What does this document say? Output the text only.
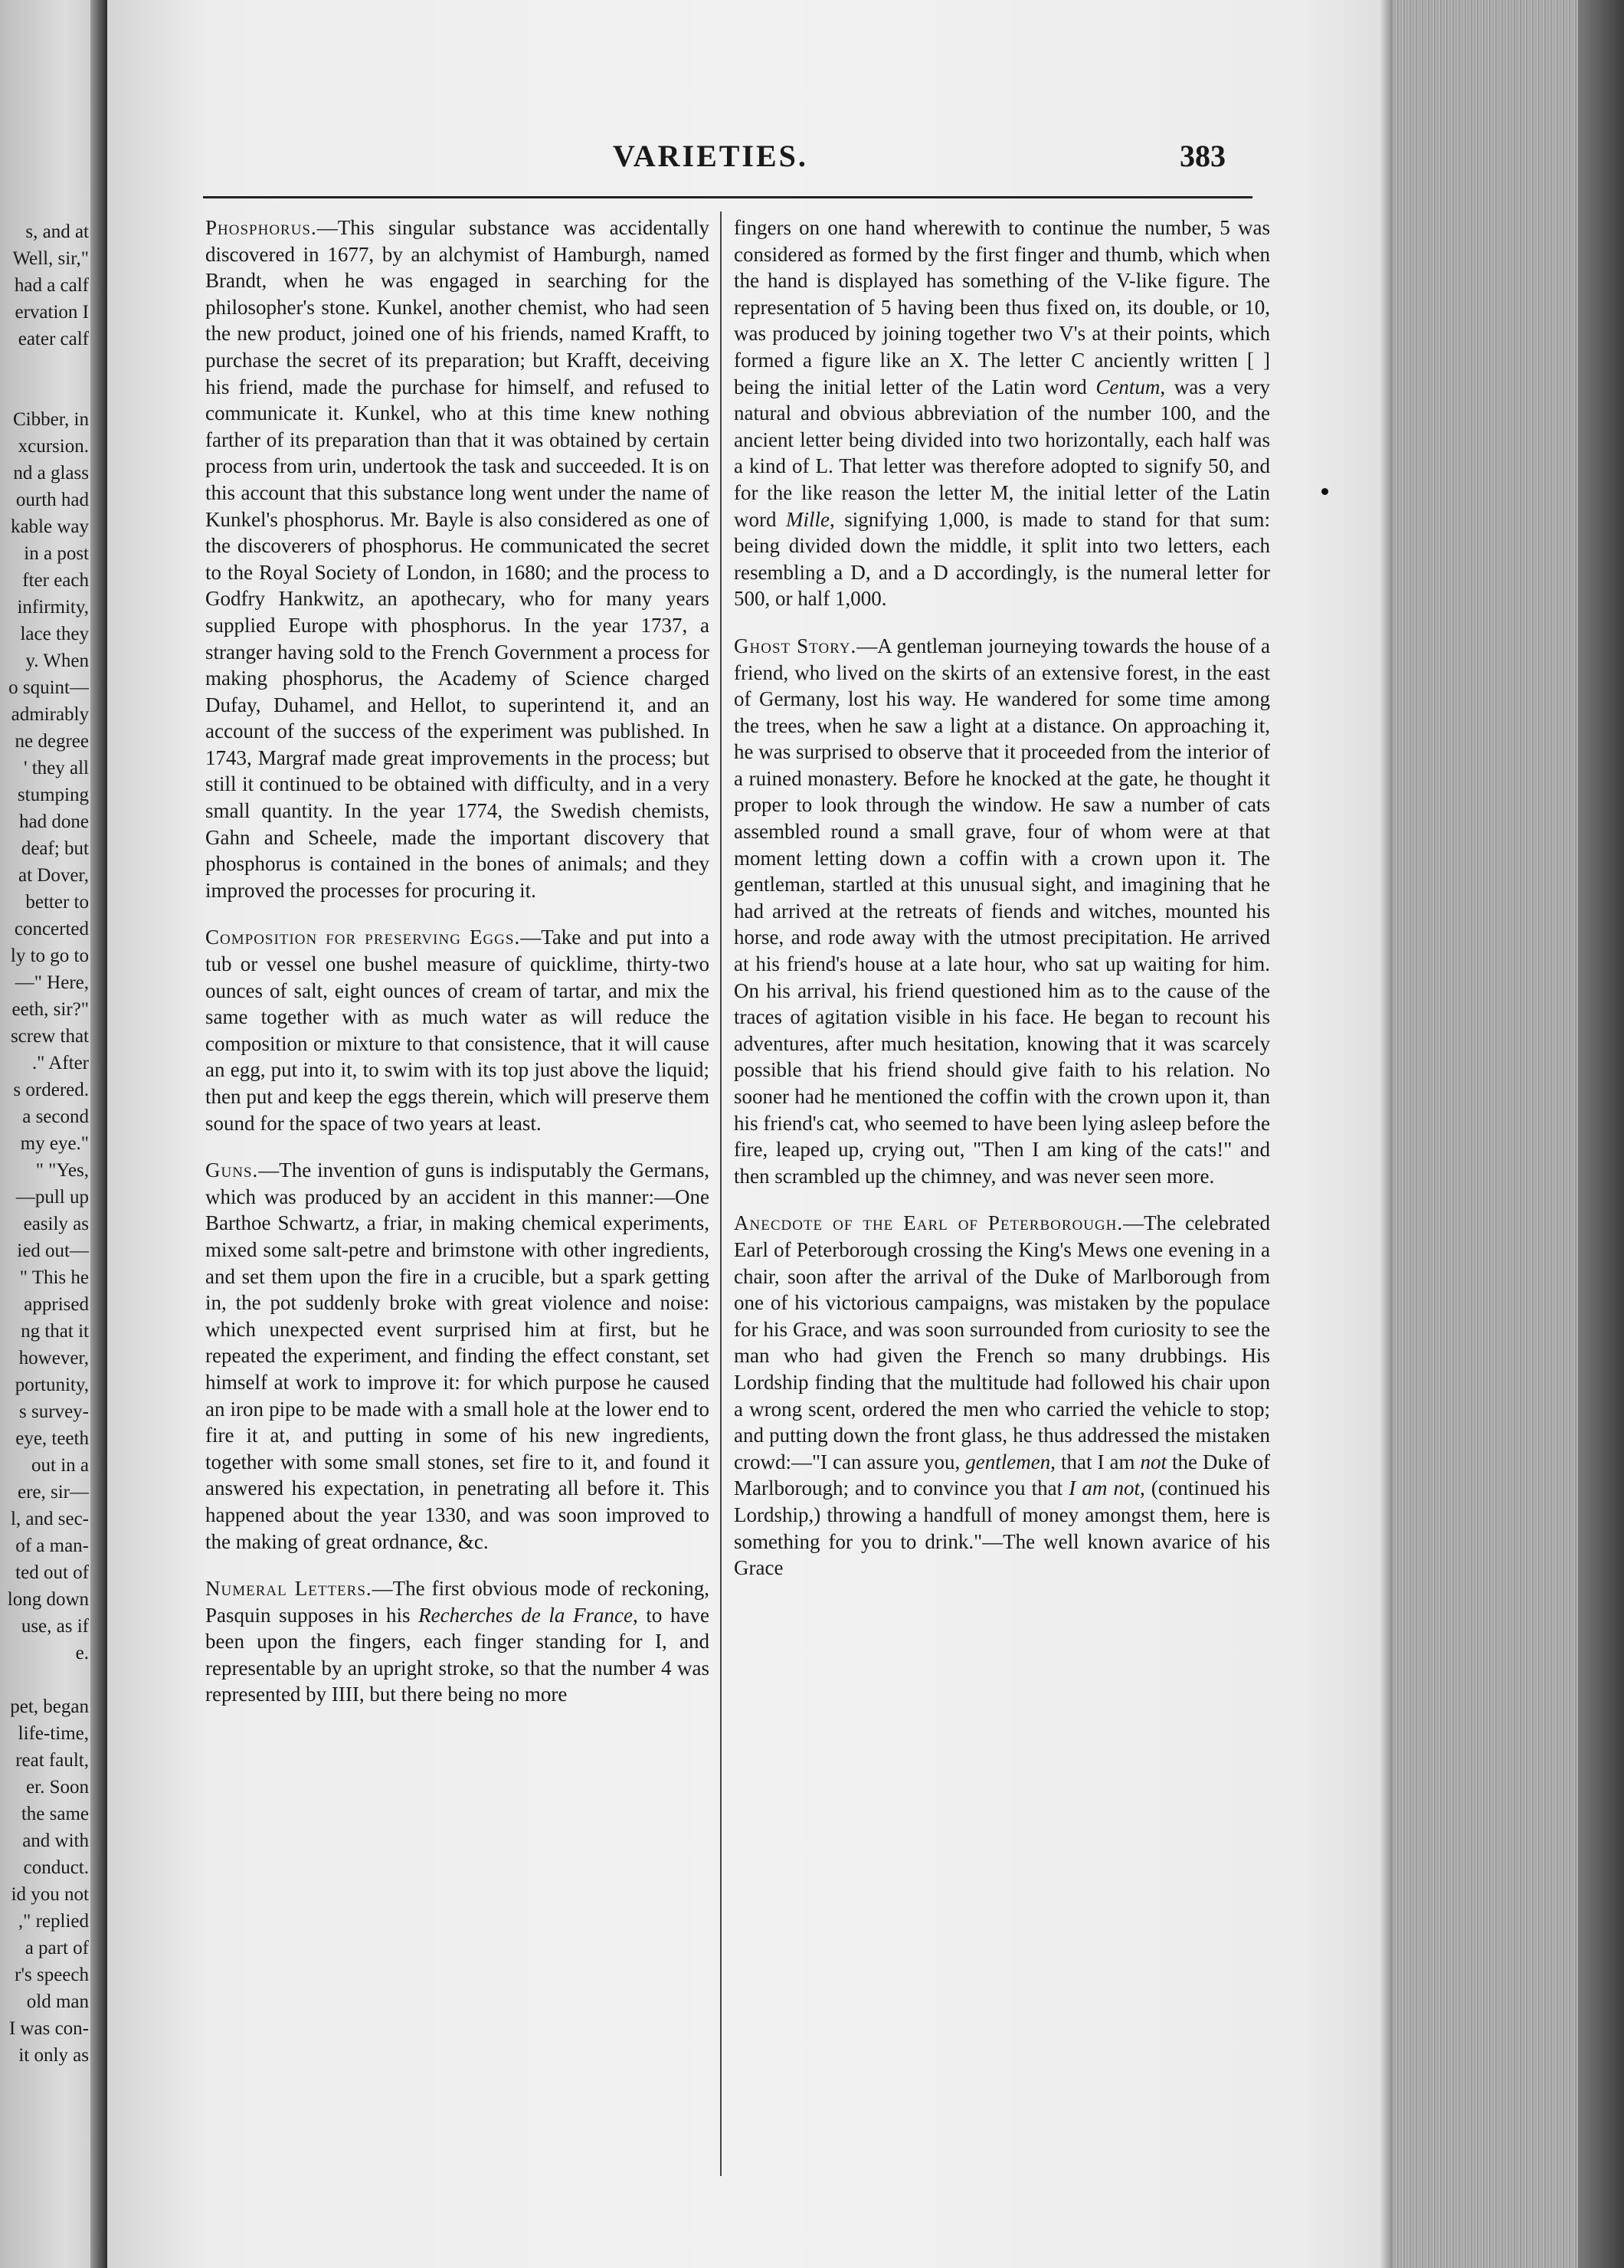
s, and at
Well, sir,"
had a calf
ervation I
eater calf
Cibber, in
xcursion.
nd a glass
ourth had
kable way
in a post
fter each
infirmity,
lace they
y. When
o squint—
admirably
ne degree
' they all
stumping
had done
deaf; but
at Dover,
better to
concerted
ly to go to
—" Here,
eeth, sir?"
screw that
." After
s ordered.
a second
my eye."
" "Yes,
—pull up
easily as
ied out—
" This he
apprised
ng that it
however,
portunity,
s survey-
eye, teeth
out in a
ere, sir—
l, and sec-
of a man-
ted out of
long down
use, as if
e.
pet, began
life-time,
reat fault,
er. Soon
the same
and with
conduct.
id you not
," replied
a part of
r's speech
old man
I was con-
it only as
VARIETIES.	383

Phosphorus.—This singular substance was accidentally discovered in 1677, by an alchymist of Hamburgh, named Brandt, when he was engaged in searching for the philosopher's stone. Kunkel, another chemist, who had seen the new product, joined one of his friends, named Krafft, to purchase the secret of its preparation; but Krafft, deceiving his friend, made the purchase for himself, and refused to communicate it. Kunkel, who at this time knew nothing farther of its preparation than that it was obtained by certain process from urin, undertook the task and succeeded. It is on this account that this substance long went under the name of Kunkel's phosphorus. Mr. Bayle is also considered as one of the discoverers of phosphorus. He communicated the secret to the Royal Society of London, in 1680; and the process to Godfry Hankwitz, an apothecary, who for many years supplied Europe with phosphorus. In the year 1737, a stranger having sold to the French Government a process for making phosphorus, the Academy of Science charged Dufay, Duhamel, and Hellot, to superintend it, and an account of the success of the experiment was published. In 1743, Margraf made great improvements in the process; but still it continued to be obtained with difficulty, and in a very small quantity. In the year 1774, the Swedish chemists, Gahn and Scheele, made the important discovery that phosphorus is contained in the bones of animals; and they improved the processes for procuring it.

Composition for preserving Eggs.—Take and put into a tub or vessel one bushel measure of quicklime, thirty-two ounces of salt, eight ounces of cream of tartar, and mix the same together with as much water as will reduce the composition or mixture to that consistence, that it will cause an egg, put into it, to swim with its top just above the liquid; then put and keep the eggs therein, which will preserve them sound for the space of two years at least.

Guns.—The invention of guns is indisputably the Germans, which was produced by an accident in this manner:—One Barthoe Schwartz, a friar, in making chemical experiments, mixed some salt-petre and brimstone with other ingredients, and set them upon the fire in a crucible, but a spark getting in, the pot suddenly broke with great violence and noise: which unexpected event surprised him at first, but he repeated the experiment, and finding the effect constant, set himself at work to improve it: for which purpose he caused an iron pipe to be made with a small hole at the lower end to fire it at, and putting in some of his new ingredients, together with some small stones, set fire to it, and found it answered his expectation, in penetrating all before it. This happened about the year 1330, and was soon improved to the making of great ordnance, &c.

Numeral Letters.—The first obvious mode of reckoning, Pasquin supposes in his Recherches de la France, to have been upon the fingers, each finger standing for I, and representable by an upright stroke, so that the number 4 was represented by IIII, but there being no more

fingers on one hand wherewith to continue the number, 5 was considered as formed by the first finger and thumb, which when the hand is displayed has something of the V-like figure. The representation of 5 having been thus fixed on, its double, or 10, was produced by joining together two V's at their points, which formed a figure like an X. The letter C anciently written [ ] being the initial letter of the Latin word Centum, was a very natural and obvious abbreviation of the number 100, and the ancient letter being divided into two horizontally, each half was a kind of L. That letter was therefore adopted to signify 50, and for the like reason the letter M, the initial letter of the Latin word Mille, signifying 1,000, is made to stand for that sum: being divided down the middle, it split into two letters, each resembling a D, and a D accordingly, is the numeral letter for 500, or half 1,000.

Ghost Story.—A gentleman journeying towards the house of a friend, who lived on the skirts of an extensive forest, in the east of Germany, lost his way. He wandered for some time among the trees, when he saw a light at a distance. On approaching it, he was surprised to observe that it proceeded from the interior of a ruined monastery. Before he knocked at the gate, he thought it proper to look through the window. He saw a number of cats assembled round a small grave, four of whom were at that moment letting down a coffin with a crown upon it. The gentleman, startled at this unusual sight, and imagining that he had arrived at the retreats of fiends and witches, mounted his horse, and rode away with the utmost precipitation. He arrived at his friend's house at a late hour, who sat up waiting for him. On his arrival, his friend questioned him as to the cause of the traces of agitation visible in his face. He began to recount his adventures, after much hesitation, knowing that it was scarcely possible that his friend should give faith to his relation. No sooner had he mentioned the coffin with the crown upon it, than his friend's cat, who seemed to have been lying asleep before the fire, leaped up, crying out, "Then I am king of the cats!" and then scrambled up the chimney, and was never seen more.

Anecdote of the Earl of Peterborough.—The celebrated Earl of Peterborough crossing the King's Mews one evening in a chair, soon after the arrival of the Duke of Marlborough from one of his victorious campaigns, was mistaken by the populace for his Grace, and was soon surrounded from curiosity to see the man who had given the French so many drubbings. His Lordship finding that the multitude had followed his chair upon a wrong scent, ordered the men who carried the vehicle to stop; and putting down the front glass, he thus addressed the mistaken crowd:—"I can assure you, gentlemen, that I am not the Duke of Marlborough; and to convince you that I am not, (continued his Lordship,) throwing a handfull of money amongst them, here is something for you to drink."—The well known avarice of his Grace
